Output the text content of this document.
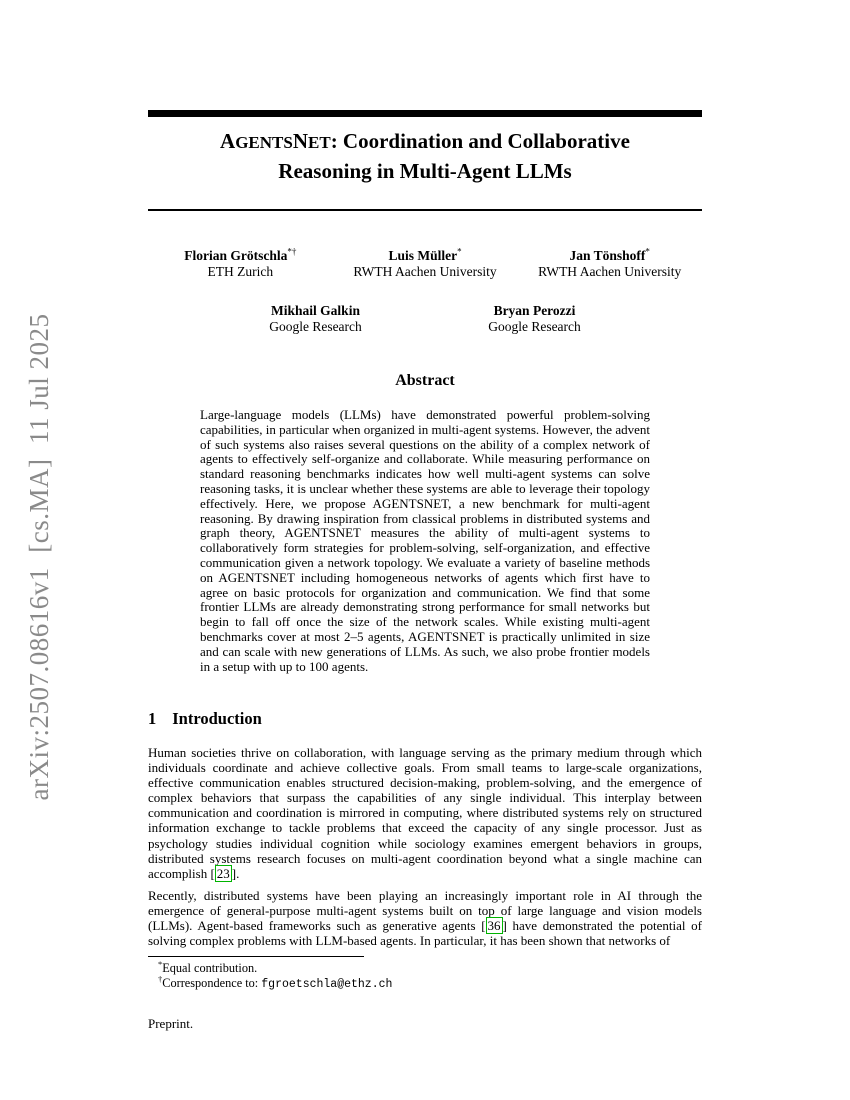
arXiv:2507.08616v1  [cs.MA]  11 Jul 2025
AGENTSNET: Coordination and Collaborative
Reasoning in Multi-Agent LLMs
Florian Grötschla*†
ETH Zurich
Luis Müller*
RWTH Aachen University
Jan Tönshoff*
RWTH Aachen University
Mikhail Galkin
Google Research
Bryan Perozzi
Google Research
Abstract
Large-language models (LLMs) have demonstrated powerful problem-solving capabilities, in particular when organized in multi-agent systems. However, the advent of such systems also raises several questions on the ability of a complex network of agents to effectively self-organize and collaborate. While measuring performance on standard reasoning benchmarks indicates how well multi-agent systems can solve reasoning tasks, it is unclear whether these systems are able to leverage their topology effectively. Here, we propose AGENTSNET, a new benchmark for multi-agent reasoning. By drawing inspiration from classical problems in distributed systems and graph theory, AGENTSNET measures the ability of multi-agent systems to collaboratively form strategies for problem-solving, self-organization, and effective communication given a network topology. We evaluate a variety of baseline methods on AGENTSNET including homogeneous networks of agents which first have to agree on basic protocols for organization and communication. We find that some frontier LLMs are already demonstrating strong performance for small networks but begin to fall off once the size of the network scales. While existing multi-agent benchmarks cover at most 2–5 agents, AGENTSNET is practically unlimited in size and can scale with new generations of LLMs. As such, we also probe frontier models in a setup with up to 100 agents.
1 Introduction
Human societies thrive on collaboration, with language serving as the primary medium through which individuals coordinate and achieve collective goals. From small teams to large-scale organizations, effective communication enables structured decision-making, problem-solving, and the emergence of complex behaviors that surpass the capabilities of any single individual. This interplay between communication and coordination is mirrored in computing, where distributed systems rely on structured information exchange to tackle problems that exceed the capacity of any single processor. Just as psychology studies individual cognition while sociology examines emergent behaviors in groups, distributed systems research focuses on multi-agent coordination beyond what a single machine can accomplish [ 23 ].
Recently, distributed systems have been playing an increasingly important role in AI through the emergence of general-purpose multi-agent systems built on top of large language and vision models (LLMs). Agent-based frameworks such as generative agents [ 36 ] have demonstrated the potential of solving complex problems with LLM-based agents. In particular, it has been shown that networks of
*Equal contribution.
†Correspondence to: fgroetschla@ethz.ch
Preprint.
